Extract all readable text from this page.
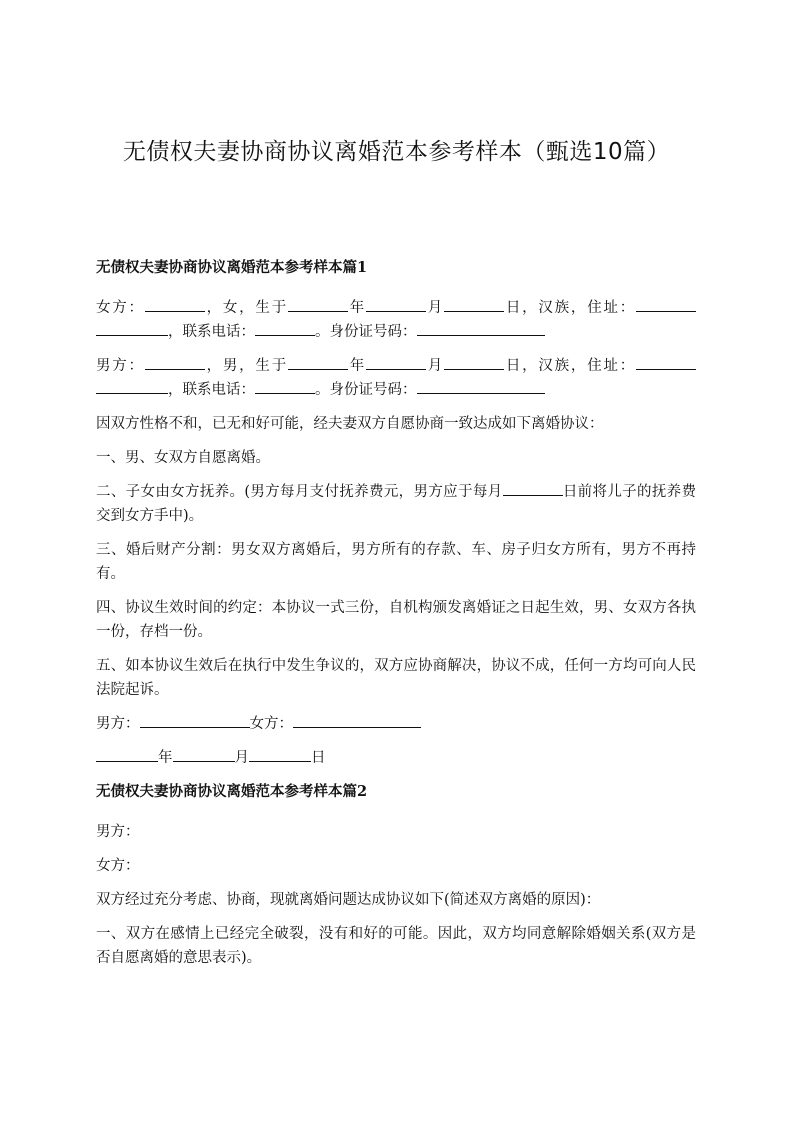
无债权夫妻协商协议离婚范本参考样本（甄选10篇）
无债权夫妻协商协议离婚范本参考样本篇1

女方：	，女，生于	年	月	日，汉族，住址：，联系电话：	。身份证号码：

男方：	，男，生于	年	月	日，汉族，住址：，联系电话：	。身份证号码：

因双方性格不和，已无和好可能，经夫妻双方自愿协商一致达成如下离婚协议：

一、男、女双方自愿离婚。

二、子女由女方抚养。(男方每月支付抚养费元，男方应于每月	日前将儿子的抚养费交到女方手中)。

三、婚后财产分割：男女双方离婚后，男方所有的存款、车、房子归女方所有，男方不再持有。

四、协议生效时间的约定：本协议一式三份，自机构颁发离婚证之日起生效，男、女双方各执一份，存档一份。

五、如本协议生效后在执行中发生争议的，双方应协商解决，协议不成，任何一方均可向人民法院起诉。

男方：	女方：

年	月	日

无债权夫妻协商协议离婚范本参考样本篇2

男方：

女方：

双方经过充分考虑、协商，现就离婚问题达成协议如下(简述双方离婚的原因)：

一、双方在感情上已经完全破裂，没有和好的可能。因此，双方均同意解除婚姻关系(双方是否自愿离婚的意思表示)。
